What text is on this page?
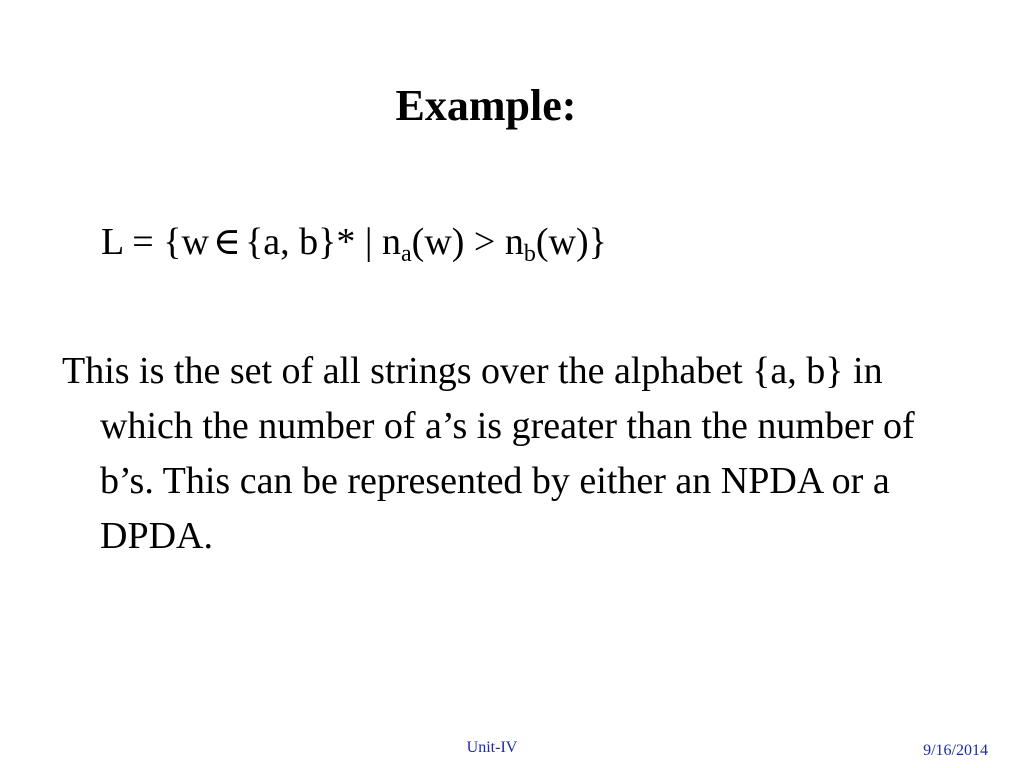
Example:
L = {w ∈ {a, b}* | $n_a(w) > n_b(w)$}

This is the set of all strings over the alphabet {a, b} in which the number of a’s is greater than the number of b’s. This can be represented by either an NPDA or a DPDA.

Unit-IV	9/16/2014
